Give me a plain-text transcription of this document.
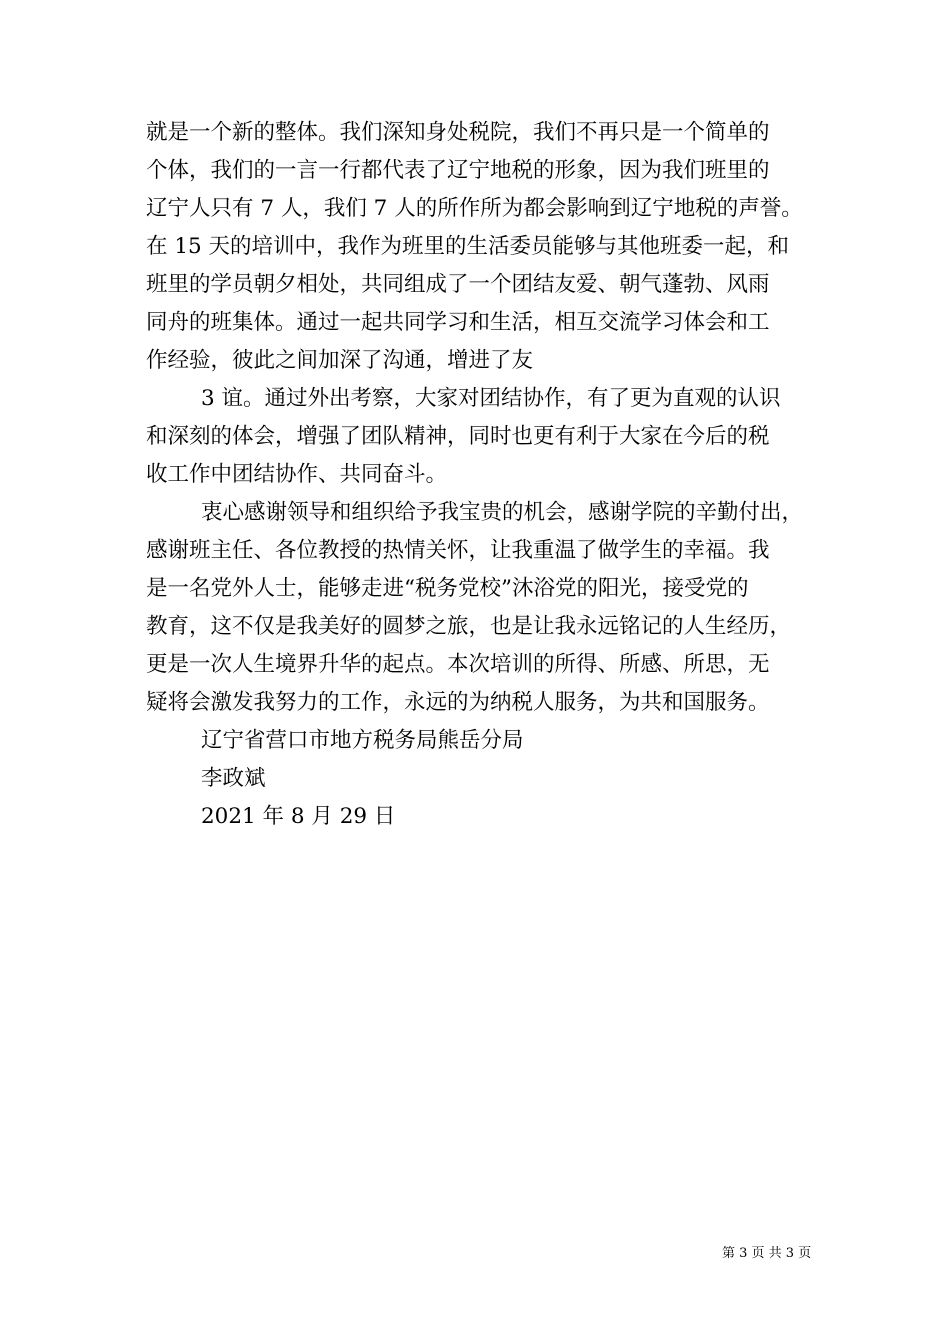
就是一个新的整体。我们深知身处税院，我们不再只是一个简单的
个体，我们的一言一行都代表了辽宁地税的形象，因为我们班里的
辽宁人只有 7 人，我们 7 人的所作所为都会影响到辽宁地税的声誉。
在 15 天的培训中，我作为班里的生活委员能够与其他班委一起，和
班里的学员朝夕相处，共同组成了一个团结友爱、朝气蓬勃、风雨
同舟的班集体。通过一起共同学习和生活，相互交流学习体会和工
作经验，彼此之间加深了沟通，增进了友
3 谊。通过外出考察，大家对团结协作，有了更为直观的认识
和深刻的体会，增强了团队精神，同时也更有利于大家在今后的税
收工作中团结协作、共同奋斗。
衷心感谢领导和组织给予我宝贵的机会，感谢学院的辛勤付出，
感谢班主任、各位教授的热情关怀，让我重温了做学生的幸福。我
是一名党外人士，能够走进“税务党校”沐浴党的阳光，接受党的
教育，这不仅是我美好的圆梦之旅，也是让我永远铭记的人生经历，
更是一次人生境界升华的起点。本次培训的所得、所感、所思，无
疑将会激发我努力的工作，永远的为纳税人服务，为共和国服务。
辽宁省营口市地方税务局熊岳分局
李政斌
2021 年 8 月 29 日
第 3 页 共 3 页
